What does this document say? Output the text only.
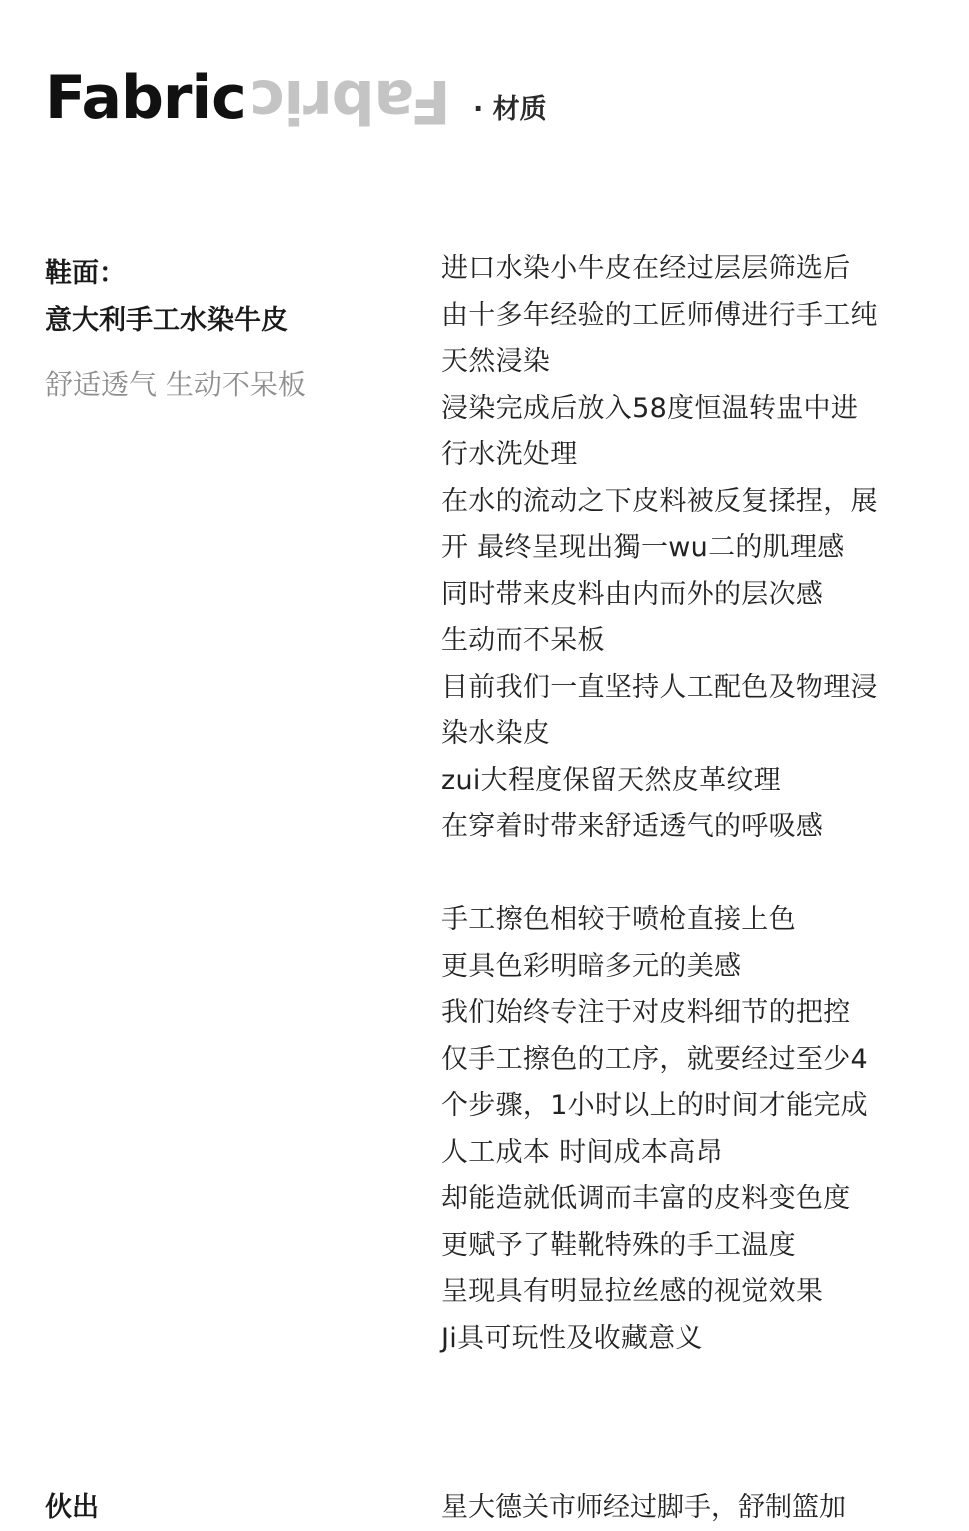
Fabric Fabric · 材质
鞋面：
意大利手工水染牛皮
舒适透气 生动不呆板
进口水染小牛皮在经过层层筛选后
由十多年经验的工匠师傅进行手工纯
天然浸染
浸染完成后放入58度恒温转盅中进
行水洗处理
在水的流动之下皮料被反复揉捏，展
开 最终呈现出獨一wu二的肌理感
同时带来皮料由内而外的层次感
生动而不呆板
目前我们一直坚持人工配色及物理浸
染水染皮
zui大程度保留天然皮革纹理
在穿着时带来舒适透气的呼吸感
手工擦色相较于喷枪直接上色
更具色彩明暗多元的美感
我们始终专注于对皮料细节的把控
仅手工擦色的工序，就要经过至少4
个步骤，1小时以上的时间才能完成
人工成本 时间成本高昂
却能造就低调而丰富的皮料变色度
更赋予了鞋靴特殊的手工温度
呈现具有明显拉丝感的视觉效果
Ji具可玩性及收藏意义
伙出	星大德关市师经过脚手，舒制篮加
